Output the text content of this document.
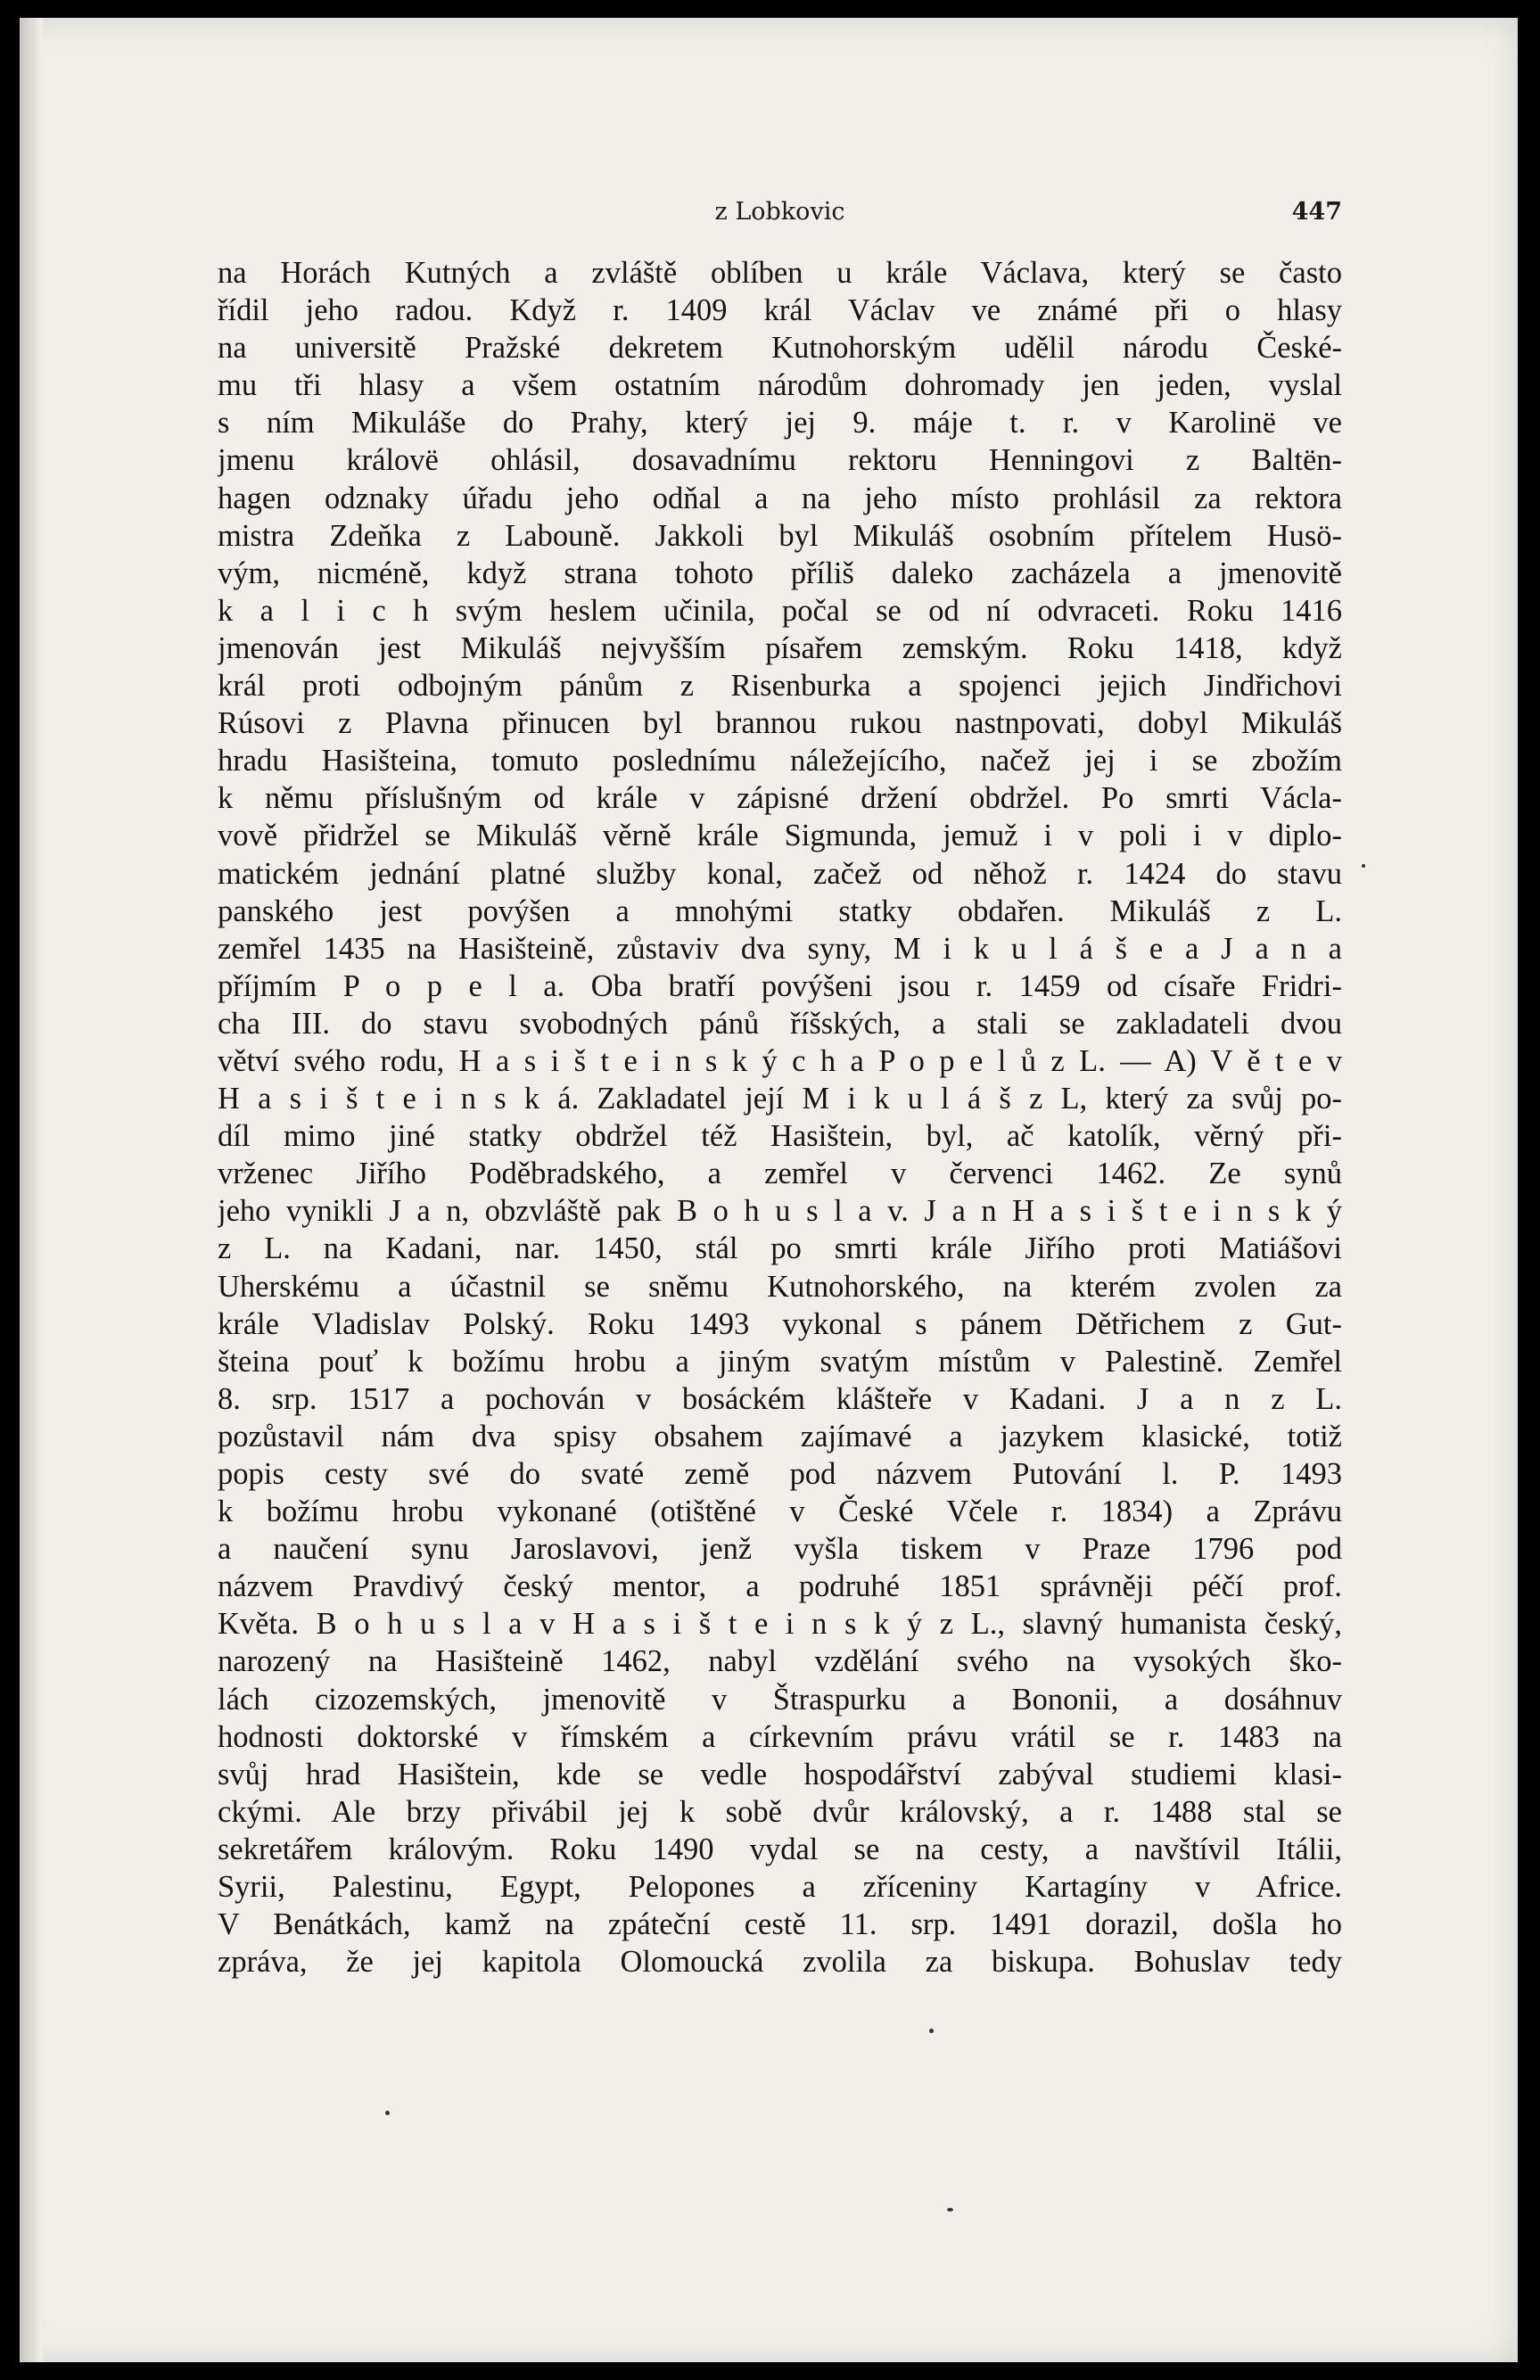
z Lobkovic	447
na Horách Kutných a zvláště oblíben u krále Václava, který se často
řídil jeho radou. Když r. 1409 král Václav ve známé při o hlasy
na universitě Pražské dekretem Kutnohorským udělil národu České-
mu tři hlasy a všem ostatním národům dohromady jen jeden, vyslal
s ním Mikuláše do Prahy, který jej 9. máje t. r. v Karolinë ve
jmenu královë ohlásil, dosavadnímu rektoru Henningovi z Baltën-
hagen odznaky úřadu jeho odňal a na jeho místo prohlásil za rektora
mistra Zdeňka z Labouně. Jakkoli byl Mikuláš osobním přítelem Husö-
vým, nicméně, když strana tohoto příliš daleko zacházela a jmenovitě
k a l i c h svým heslem učinila, počal se od ní odvraceti. Roku 1416
jmenován jest Mikuláš nejvyšším písařem zemským. Roku 1418, když
král proti odbojným pánům z Risenburka a spojenci jejich Jindřichovi
Rúsovi z Plavna přinucen byl brannou rukou nastnpovati, dobyl Mikuláš
hradu Hasišteina, tomuto poslednímu náležejícího, načež jej i se zbožím
k němu příslušným od krále v zápisné držení obdržel. Po smrti Václa-
vově přidržel se Mikuláš věrně krále Sigmunda, jemuž i v poli i v diplo-
matickém jednání platné služby konal, začež od něhož r. 1424 do stavu
panského jest povýšen a mnohými statky obdařen. Mikuláš z L.
zemřel 1435 na Hasišteině, zůstaviv dva syny, M i k u l á š e a J a n a
příjmím P o p e l a. Oba bratří povýšeni jsou r. 1459 od císaře Fridri-
cha III. do stavu svobodných pánů říšských, a stali se zakladateli dvou
větví svého rodu, H a s i š t e i n s k ý c h a P o p e l ů z L. — A) V ě t e v
H a s i š t e i n s k á. Zakladatel její M i k u l á š z L, který za svůj po-
díl mimo jiné statky obdržel též Hasištein, byl, ač katolík, věrný při-
vrženec Jiřího Poděbradského, a zemřel v červenci 1462. Ze synů
jeho vynikli J a n, obzvláště pak B o h u s l a v. J a n H a s i š t e i n s k ý
z L. na Kadani, nar. 1450, stál po smrti krále Jiřího proti Matiášovi
Uherskému a účastnil se sněmu Kutnohorského, na kterém zvolen za
krále Vladislav Polský. Roku 1493 vykonal s pánem Dětřichem z Gut-
šteina pouť k božímu hrobu a jiným svatým místům v Palestině. Zemřel
8. srp. 1517 a pochován v bosáckém klášteře v Kadani. J a n z L.
pozůstavil nám dva spisy obsahem zajímavé a jazykem klasické, totiž
popis cesty své do svaté země pod názvem Putování l. P. 1493
k božímu hrobu vykonané (otištěné v České Včele r. 1834) a Zprávu
a naučení synu Jaroslavovi, jenž vyšla tiskem v Praze 1796 pod
názvem Pravdivý český mentor, a podruhé 1851 správněji péčí prof.
Květa. B o h u s l a v H a s i š t e i n s k ý z L., slavný humanista český,
narozený na Hasišteině 1462, nabyl vzdělání svého na vysokých ško-
lách cizozemských, jmenovitě v Štraspurku a Bononii, a dosáhnuv
hodnosti doktorské v římském a církevním právu vrátil se r. 1483 na
svůj hrad Hasištein, kde se vedle hospodářství zabýval studiemi klasi-
ckými. Ale brzy přivábil jej k sobě dvůr královský, a r. 1488 stal se
sekretářem královým. Roku 1490 vydal se na cesty, a navštívil Itálii,
Syrii, Palestinu, Egypt, Pelopones a zříceniny Kartagíny v Africe.
V Benátkách, kamž na zpáteční cestě 11. srp. 1491 dorazil, došla ho
zpráva, že jej kapitola Olomoucká zvolila za biskupa. Bohuslav tedy
